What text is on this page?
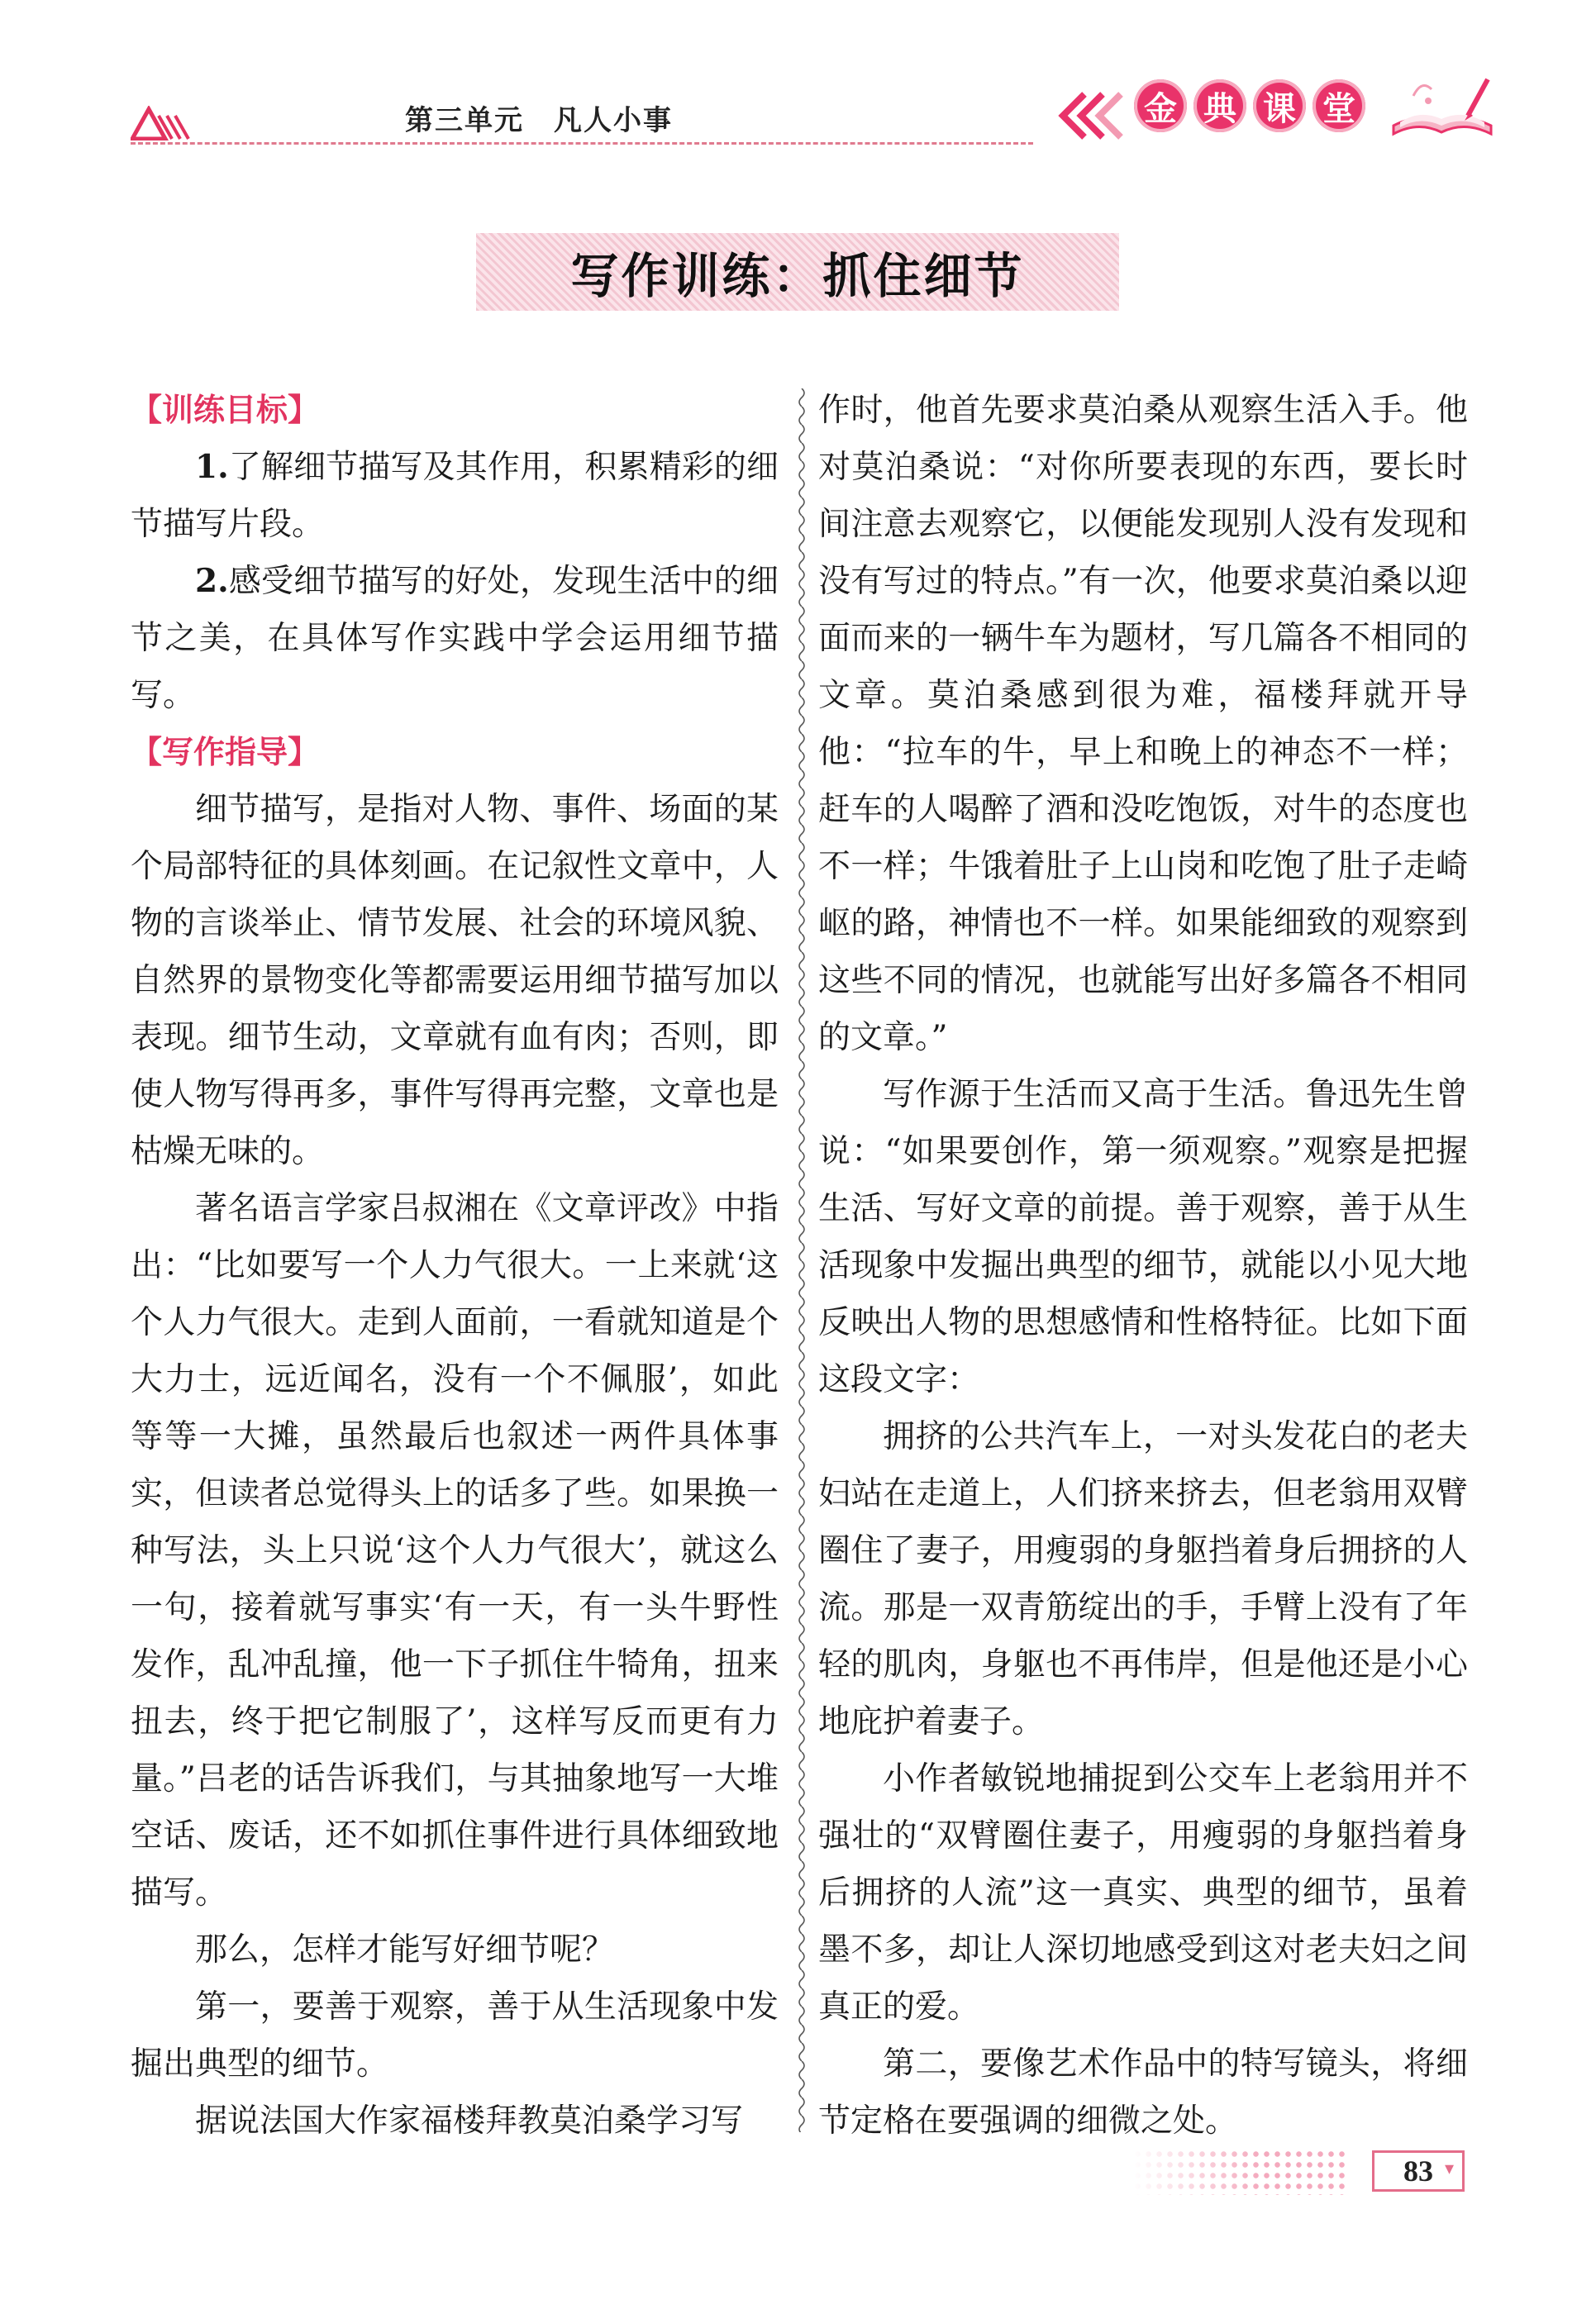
第三单元　凡人小事	金 典 课 堂
写作训练：抓住细节
【训练目标】

1.了解细节描写及其作用，积累精彩的细节描写片段。

2.感受细节描写的好处，发现生活中的细节之美，在具体写作实践中学会运用细节描写。

【写作指导】

细节描写，是指对人物、事件、场面的某个局部特征的具体刻画。在记叙性文章中，人物的言谈举止、情节发展、社会的环境风貌、自然界的景物变化等都需要运用细节描写加以表现。细节生动，文章就有血有肉；否则，即使人物写得再多，事件写得再完整，文章也是枯燥无味的。

著名语言学家吕叔湘在《文章评改》中指出：“比如要写一个人力气很大。一上来就‘这个人力气很大。走到人面前，一看就知道是个大力士，远近闻名，没有一个不佩服’，如此等等一大摊，虽然最后也叙述一两件具体事实，但读者总觉得头上的话多了些。如果换一种写法，头上只说‘这个人力气很大’，就这么一句，接着就写事实‘有一天，有一头牛野性发作，乱冲乱撞，他一下子抓住牛犄角，扭来扭去，终于把它制服了’，这样写反而更有力量。”吕老的话告诉我们，与其抽象地写一大堆空话、废话，还不如抓住事件进行具体细致地描写。

那么，怎样才能写好细节呢？

第一，要善于观察，善于从生活现象中发掘出典型的细节。

据说法国大作家福楼拜教莫泊桑学习写

作时，他首先要求莫泊桑从观察生活入手。他对莫泊桑说：“对你所要表现的东西，要长时间注意去观察它，以便能发现别人没有发现和没有写过的特点。”有一次，他要求莫泊桑以迎面而来的一辆牛车为题材，写几篇各不相同的文章。莫泊桑感到很为难，福楼拜就开导他：“拉车的牛，早上和晚上的神态不一样；赶车的人喝醉了酒和没吃饱饭，对牛的态度也不一样；牛饿着肚子上山岗和吃饱了肚子走崎岖的路，神情也不一样。如果能细致的观察到这些不同的情况，也就能写出好多篇各不相同的文章。”

写作源于生活而又高于生活。鲁迅先生曾说：“如果要创作，第一须观察。”观察是把握生活、写好文章的前提。善于观察，善于从生活现象中发掘出典型的细节，就能以小见大地反映出人物的思想感情和性格特征。比如下面这段文字：

拥挤的公共汽车上，一对头发花白的老夫妇站在走道上，人们挤来挤去，但老翁用双臂圈住了妻子，用瘦弱的身躯挡着身后拥挤的人流。那是一双青筋绽出的手，手臂上没有了年轻的肌肉，身躯也不再伟岸，但是他还是小心地庇护着妻子。

小作者敏锐地捕捉到公交车上老翁用并不强壮的“双臂圈住妻子，用瘦弱的身躯挡着身后拥挤的人流”这一真实、典型的细节，虽着墨不多，却让人深切地感受到这对老夫妇之间真正的爱。

第二，要像艺术作品中的特写镜头，将细节定格在要强调的细微之处。

83 ▾
